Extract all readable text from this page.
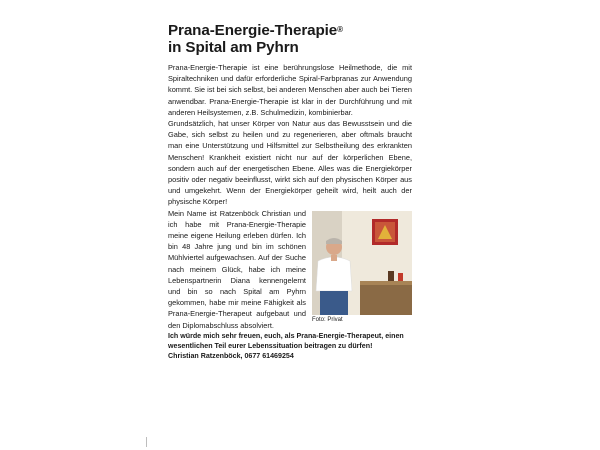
Prana-Energie-Therapie®
in Spital am Pyhrn

Prana-Energie-Therapie ist eine berührungslose Heilmethode, die mit Spiraltechniken und dafür erforderliche Spiral-Farbpranas zur Anwendung kommt. Sie ist bei sich selbst, bei anderen Menschen aber auch bei Tieren anwendbar. Prana-Energie-Therapie ist klar in der Durchführung und mit anderen Heilsystemen, z.B. Schulmedizin, kombinierbar.

Grundsätzlich, hat unser Körper von Natur aus das Bewusstsein und die Gabe, sich selbst zu heilen und zu regenerieren, aber oftmals braucht man eine Unterstützung und Hilfsmittel zur Selbstheilung des erkrankten Menschen! Krankheit existiert nicht nur auf der körperlichen Ebene, sondern auch auf der energetischen Ebene. Alles was die Energiekörper positiv oder negativ beeinflusst, wirkt sich auf den physischen Körper aus und umgekehrt. Wenn der Energiekörper geheilt wird, heilt auch der physische Körper!

Foto: Privat

Mein Name ist Ratzenböck Christian und ich habe mit Prana-Energie-Therapie meine eigene Heilung erleben dürfen. Ich bin 48 Jahre jung und bin im schönen Mühlviertel aufgewachsen. Auf der Suche nach meinem Glück, habe ich meine Lebenspartnerin Diana kennengelernt und bin so nach Spital am Pyhrn gekommen, habe mir meine Fähigkeit als Prana-Energie-Therapeut aufgebaut und den Diplomabschluss absolviert.

Ich würde mich sehr freuen, euch, als Prana-Energie-Therapeut, einen wesentlichen Teil eurer Lebenssituation beitragen zu dürfen!

Christian Ratzenböck, 0677 61469254
